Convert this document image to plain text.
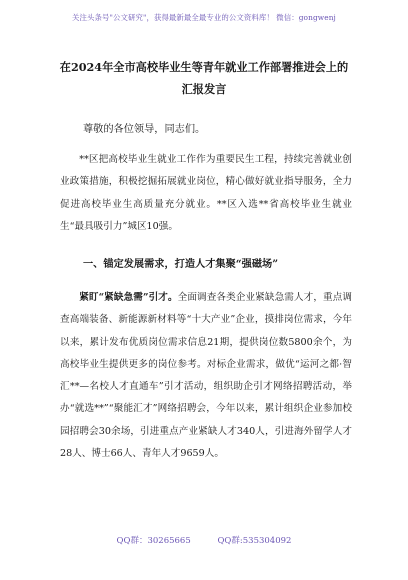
关注头条号"公文研究"，获得最新最全最专业的公文资料库！ 微信：gongwenj
在2024年全市高校毕业生等青年就业工作部署推进会上的
汇报发言

尊敬的各位领导，同志们。

**区把高校毕业生就业工作作为重要民生工程，持续完善就业创业政策措施，积极挖掘拓展就业岗位，精心做好就业指导服务，全力促进高校毕业生高质量充分就业。**区入选**省高校毕业生就业生“最具吸引力”城区10强。

一、锚定发展需求，打造人才集聚“强磁场”

紧盯“紧缺急需”引才。全面调查各类企业紧缺急需人才，重点调查高端装备、新能源新材料等“十大产业”企业，摸排岗位需求，今年以来，累计发布优质岗位需求信息21期，提供岗位数5800余个，为高校毕业生提供更多的岗位参考。对标企业需求，做优“运河之都·智汇**—名校人才直通车”引才活动，组织助企引才网络招聘活动，举办“就选**”“聚能汇才”网络招聘会，今年以来，累计组织企业参加校园招聘会30余场，引进重点产业紧缺人才340人，引进海外留学人才28人、博士66人、青年人才9659人。

QQ群：30265665	QQ群:535304092
